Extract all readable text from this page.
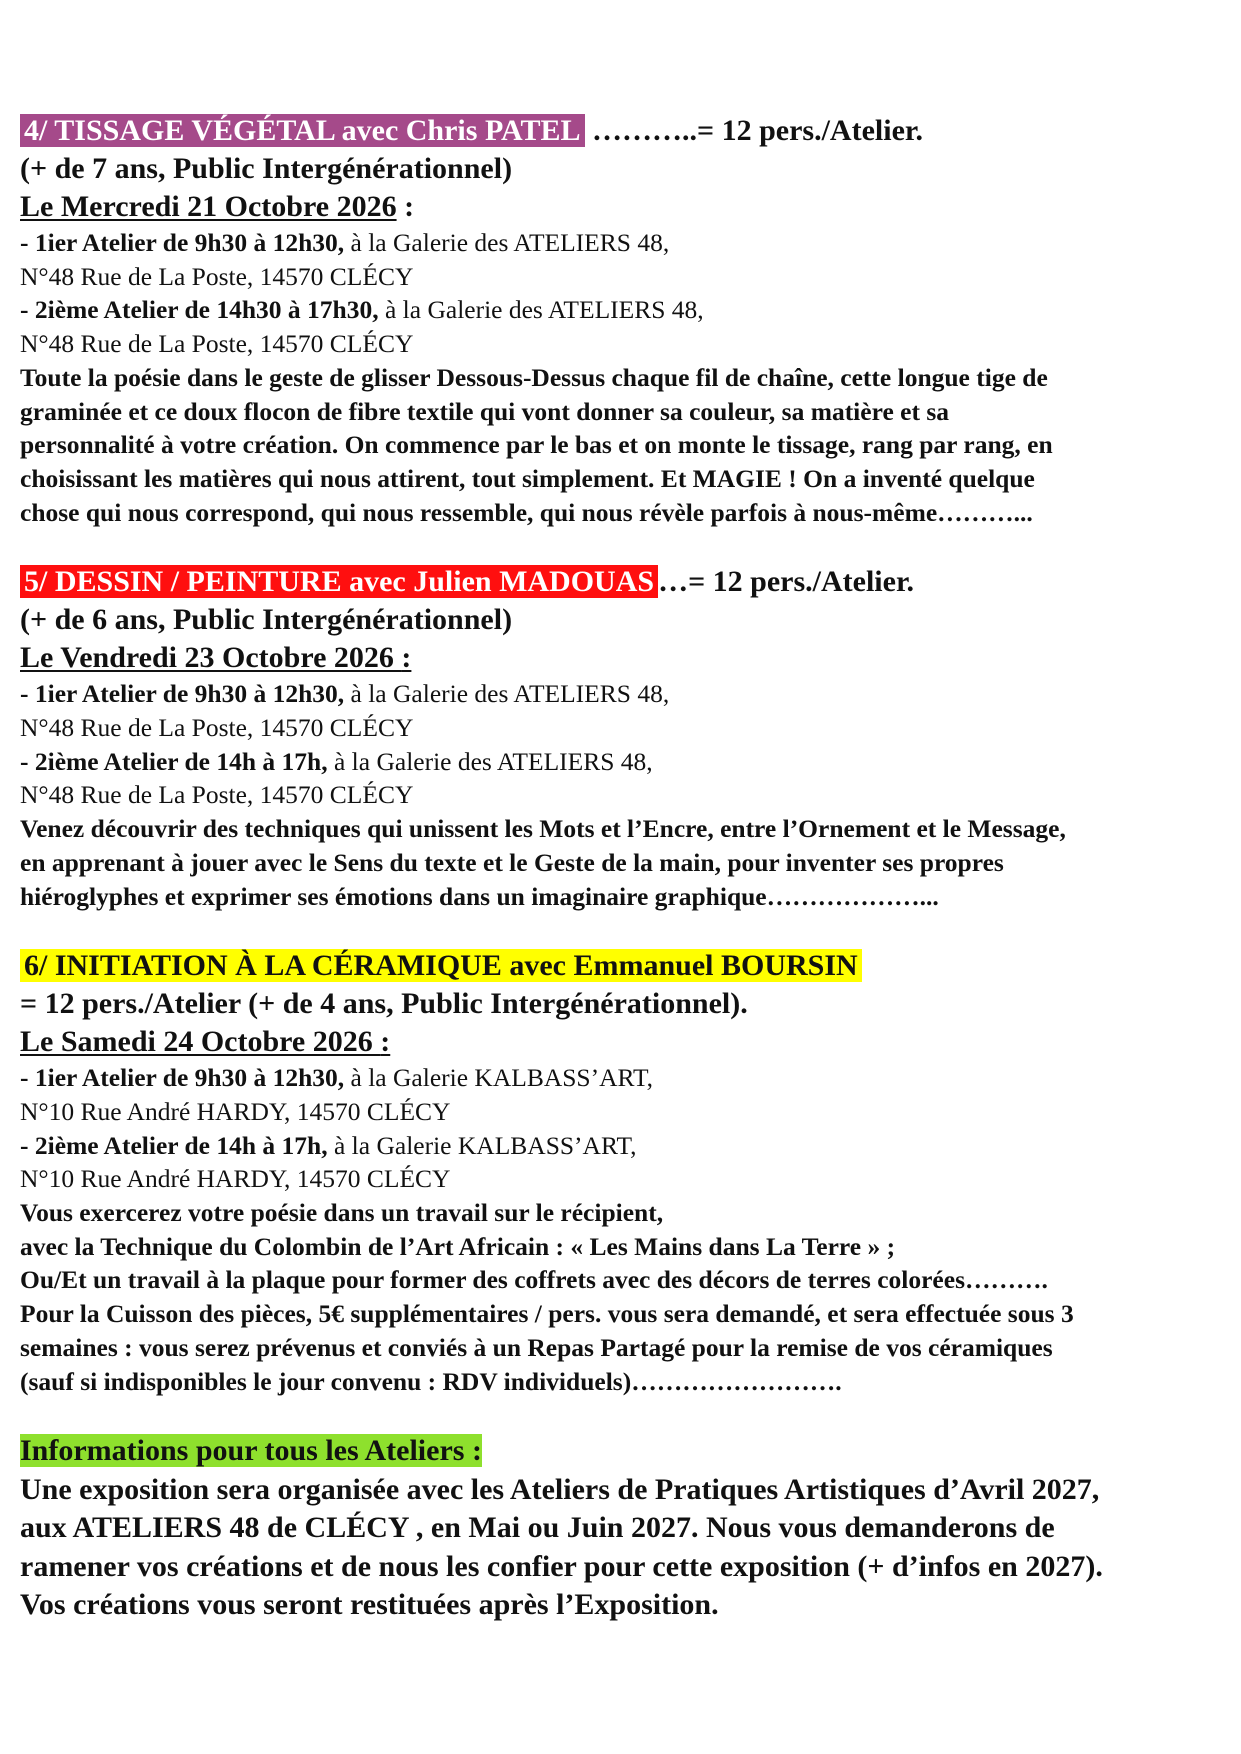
4/ TISSAGE VÉGÉTAL avec Chris PATEL ………..= 12 pers./Atelier.
(+ de 7 ans, Public Intergénérationnel)
Le Mercredi 21 Octobre 2026 :
- 1ier Atelier de 9h30 à 12h30, à la Galerie des ATELIERS 48,
N°48 Rue de La Poste, 14570 CLÉCY
- 2ième Atelier de 14h30 à 17h30, à la Galerie des ATELIERS 48,
N°48 Rue de La Poste, 14570 CLÉCY
Toute la poésie dans le geste de glisser Dessous-Dessus chaque fil de chaîne, cette longue tige de
graminée et ce doux flocon de fibre textile qui vont donner sa couleur, sa matière et sa
personnalité à votre création. On commence par le bas et on monte le tissage, rang par rang, en
choisissant les matières qui nous attirent, tout simplement. Et MAGIE ! On a inventé quelque
chose qui nous correspond, qui nous ressemble, qui nous révèle parfois à nous-même………...
5/ DESSIN / PEINTURE avec Julien MADOUAS …= 12 pers./Atelier.
(+ de 6 ans, Public Intergénérationnel)
Le Vendredi 23 Octobre 2026 :
- 1ier Atelier de 9h30 à 12h30, à la Galerie des ATELIERS 48,
N°48 Rue de La Poste, 14570 CLÉCY
- 2ième Atelier de 14h à 17h, à la Galerie des ATELIERS 48,
N°48 Rue de La Poste, 14570 CLÉCY
Venez découvrir des techniques qui unissent les Mots et l’Encre, entre l’Ornement et le Message,
en apprenant à jouer avec le Sens du texte et le Geste de la main, pour inventer ses propres
hiéroglyphes et exprimer ses émotions dans un imaginaire graphique………………...
6/ INITIATION À LA CÉRAMIQUE avec Emmanuel BOURSIN
= 12 pers./Atelier (+ de 4 ans, Public Intergénérationnel).
Le Samedi 24 Octobre 2026 :
- 1ier Atelier de 9h30 à 12h30, à la Galerie KALBASS’ART,
N°10 Rue André HARDY, 14570 CLÉCY
- 2ième Atelier de 14h à 17h, à la Galerie KALBASS’ART,
N°10 Rue André HARDY, 14570 CLÉCY
Vous exercerez votre poésie dans un travail sur le récipient,
avec la Technique du Colombin de l’Art Africain : « Les Mains dans La Terre » ;
Ou/Et un travail à la plaque pour former des coffrets avec des décors de terres colorées……….
Pour la Cuisson des pièces, 5€ supplémentaires / pers. vous sera demandé, et sera effectuée sous 3
semaines : vous serez prévenus et conviés à un Repas Partagé pour la remise de vos céramiques
(sauf si indisponibles le jour convenu : RDV individuels)…………………….
Informations pour tous les Ateliers :
Une exposition sera organisée avec les Ateliers de Pratiques Artistiques d’Avril 2027,
aux ATELIERS 48 de CLÉCY , en Mai ou Juin 2027. Nous vous demanderons de
ramener vos créations et de nous les confier pour cette exposition (+ d’infos en 2027).
Vos créations vous seront restituées après l’Exposition.
